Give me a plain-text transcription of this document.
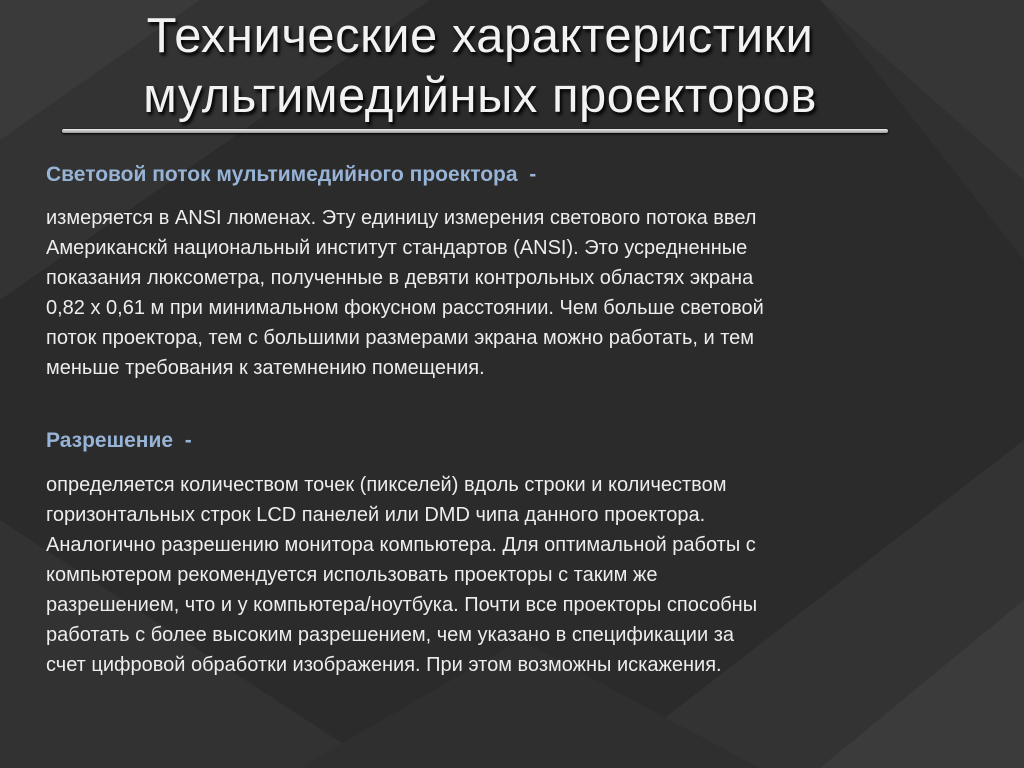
Технические характеристики
мультимедийных проекторов
Световой поток мультимедийного проектора  -
измеряется в ANSI люменах. Эту единицу измерения светового потока ввел
Американскй национальный институт стандартов (ANSI). Это усредненные
показания люксометра, полученные в девяти контрольных областях экрана
0,82 x 0,61 м при минимальном фокусном расстоянии. Чем больше световой
поток проектора, тем с большими размерами экрана можно работать, и тем
меньше требования к затемнению помещения.
Разрешение  -
определяется количеством точек (пикселей) вдоль строки и количеством
горизонтальных строк LCD панелей или DMD чипа данного проектора.
Аналогично разрешению монитора компьютера. Для оптимальной работы с
компьютером рекомендуется использовать проекторы с таким же
разрешением, что и у компьютера/ноутбука. Почти все проекторы способны
работать с более высоким разрешением, чем указано в спецификации за
счет цифровой обработки изображения. При этом возможны искажения.
